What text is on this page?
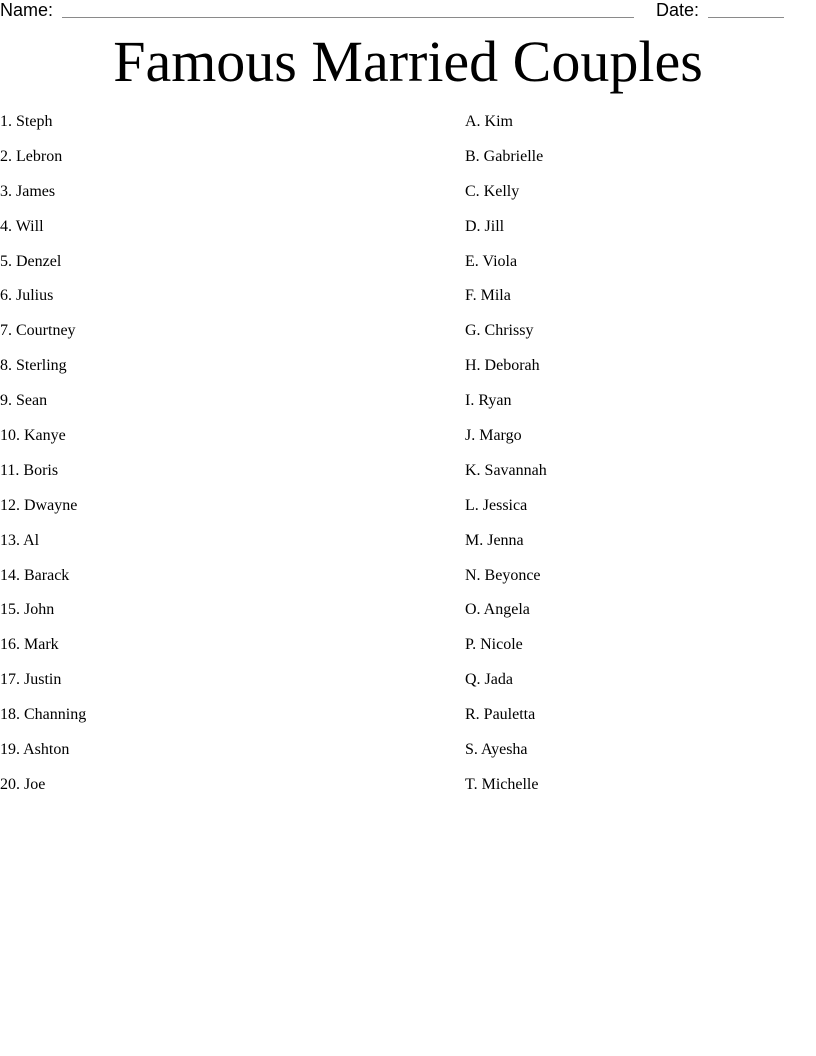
Name:	Date:
Famous Married Couples
1. Steph
2. Lebron
3. James
4. Will
5. Denzel
6. Julius
7. Courtney
8. Sterling
9. Sean
10. Kanye
11. Boris
12. Dwayne
13. Al
14. Barack
15. John
16. Mark
17. Justin
18. Channing
19. Ashton
20. Joe
A. Kim
B. Gabrielle
C. Kelly
D. Jill
E. Viola
F. Mila
G. Chrissy
H. Deborah
I. Ryan
J. Margo
K. Savannah
L. Jessica
M. Jenna
N. Beyonce
O. Angela
P. Nicole
Q. Jada
R. Pauletta
S. Ayesha
T. Michelle
